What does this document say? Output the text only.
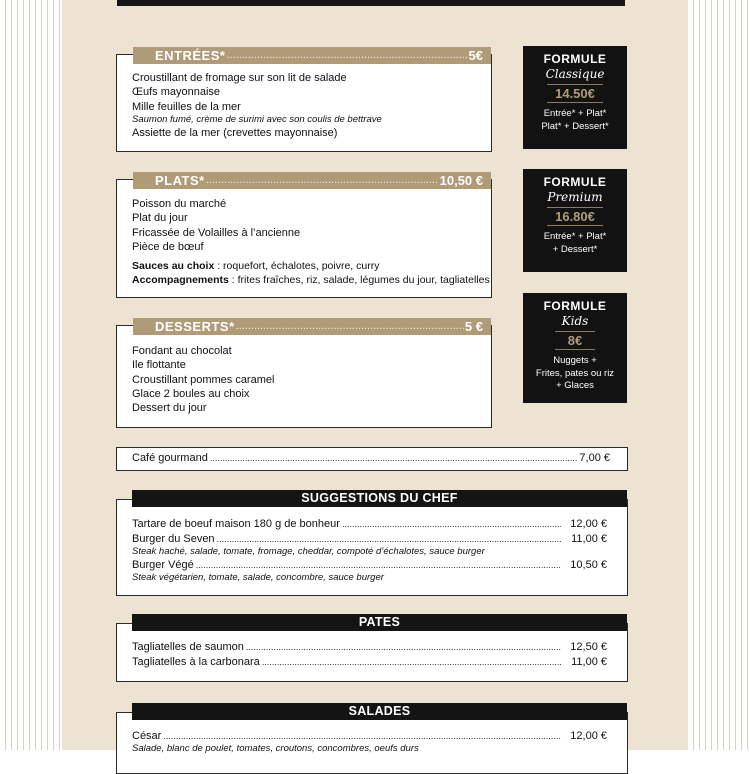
ENTRÉES* .....	5€
Croustillant de fromage sur son lit de salade
Œufs mayonnaise
Mille feuilles de la mer
Saumon fumé, crème de surimi avec son coulis de bettrave
Assiette de la mer (crevettes mayonnaise)
PLATS* .....	10,50 €
Poisson du marché
Plat du jour
Fricassée de Volailles à l’ancienne
Pièce de bœuf
Sauces au choix : roquefort, échalotes, poivre, curry
Accompagnements : frites fraîches, riz, salade, légumes du jour, tagliatelles
DESSERTS* .....	5 €
Fondant au chocolat
Ile flottante
Croustillant pommes caramel
Glace 2 boules au choix
Dessert du jour
FORMULE
Classique
14.50€
Entrée* + Plat*
Plat* + Dessert*
FORMULE
Premium
16.80€
Entrée* + Plat*
+ Dessert*
FORMULE
Kids
8€
Nuggets +
Frites, pates ou riz
+ Glaces
Café gourmand .....	7,00 €
SUGGESTIONS DU CHEF
Tartare de boeuf maison 180 g de bonheur .....	12,00 €
Burger du Seven .....	11,00 €
Steak haché, salade, tomate, fromage, cheddar, compoté d’échalotes, sauce burger
Burger Végé .....	10,50 €
Steak végétarien, tomate, salade, concombre, sauce burger
PATES
Tagliatelles de saumon .....	12,50 €
Tagliatelles à la carbonara .....	11,00 €
SALADES
César .....	12,00 €
Salade, blanc de poulet, tomates, croutons, concombres, oeufs durs
